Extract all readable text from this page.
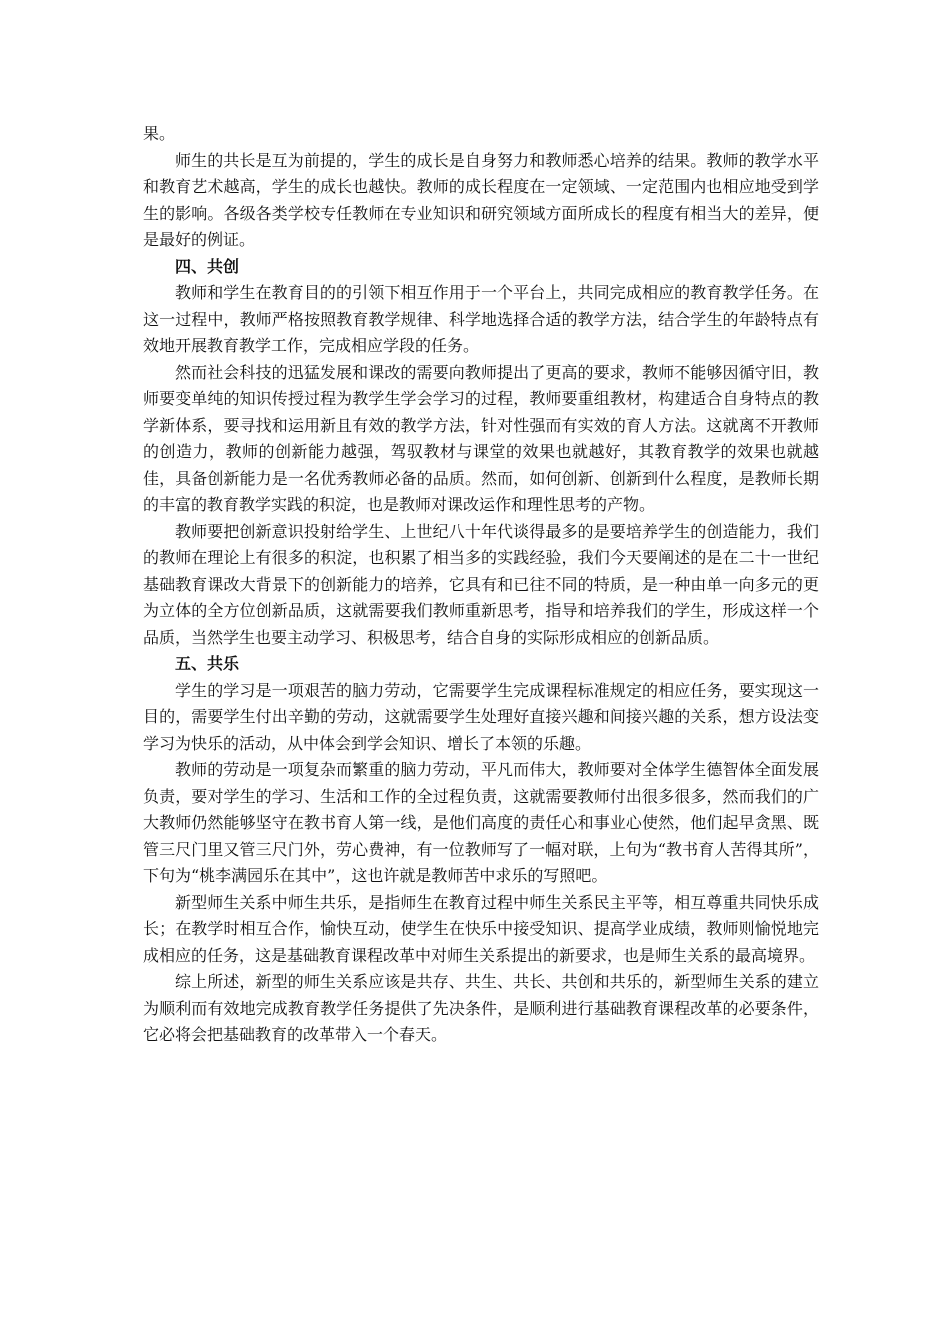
果。

师生的共长是互为前提的，学生的成长是自身努力和教师悉心培养的结果。教师的教学水平和教育艺术越高，学生的成长也越快。教师的成长程度在一定领域、一定范围内也相应地受到学生的影响。各级各类学校专任教师在专业知识和研究领域方面所成长的程度有相当大的差异，便是最好的例证。

四、共创

教师和学生在教育目的的引领下相互作用于一个平台上，共同完成相应的教育教学任务。在这一过程中，教师严格按照教育教学规律、科学地选择合适的教学方法，结合学生的年龄特点有效地开展教育教学工作，完成相应学段的任务。

然而社会科技的迅猛发展和课改的需要向教师提出了更高的要求，教师不能够因循守旧，教师要变单纯的知识传授过程为教学生学会学习的过程，教师要重组教材，构建适合自身特点的教学新体系，要寻找和运用新且有效的教学方法，针对性强而有实效的育人方法。这就离不开教师的创造力，教师的创新能力越强，驾驭教材与课堂的效果也就越好，其教育教学的效果也就越佳，具备创新能力是一名优秀教师必备的品质。然而，如何创新、创新到什么程度，是教师长期的丰富的教育教学实践的积淀，也是教师对课改运作和理性思考的产物。

教师要把创新意识投射给学生、上世纪八十年代谈得最多的是要培养学生的创造能力，我们的教师在理论上有很多的积淀，也积累了相当多的实践经验，我们今天要阐述的是在二十一世纪基础教育课改大背景下的创新能力的培养，它具有和已往不同的特质，是一种由单一向多元的更为立体的全方位创新品质，这就需要我们教师重新思考，指导和培养我们的学生，形成这样一个品质，当然学生也要主动学习、积极思考，结合自身的实际形成相应的创新品质。

五、共乐

学生的学习是一项艰苦的脑力劳动，它需要学生完成课程标准规定的相应任务，要实现这一目的，需要学生付出辛勤的劳动，这就需要学生处理好直接兴趣和间接兴趣的关系，想方设法变学习为快乐的活动，从中体会到学会知识、增长了本领的乐趣。

教师的劳动是一项复杂而繁重的脑力劳动，平凡而伟大，教师要对全体学生德智体全面发展负责，要对学生的学习、生活和工作的全过程负责，这就需要教师付出很多很多，然而我们的广大教师仍然能够坚守在教书育人第一线，是他们高度的责任心和事业心使然，他们起早贪黑、既管三尺门里又管三尺门外，劳心费神，有一位教师写了一幅对联，上句为“教书育人苦得其所”，下句为“桃李满园乐在其中”，这也许就是教师苦中求乐的写照吧。

新型师生关系中师生共乐，是指师生在教育过程中师生关系民主平等，相互尊重共同快乐成长；在教学时相互合作，愉快互动，使学生在快乐中接受知识、提高学业成绩，教师则愉悦地完成相应的任务，这是基础教育课程改革中对师生关系提出的新要求，也是师生关系的最高境界。

综上所述，新型的师生关系应该是共存、共生、共长、共创和共乐的，新型师生关系的建立为顺利而有效地完成教育教学任务提供了先决条件，是顺利进行基础教育课程改革的必要条件，它必将会把基础教育的改革带入一个春天。
